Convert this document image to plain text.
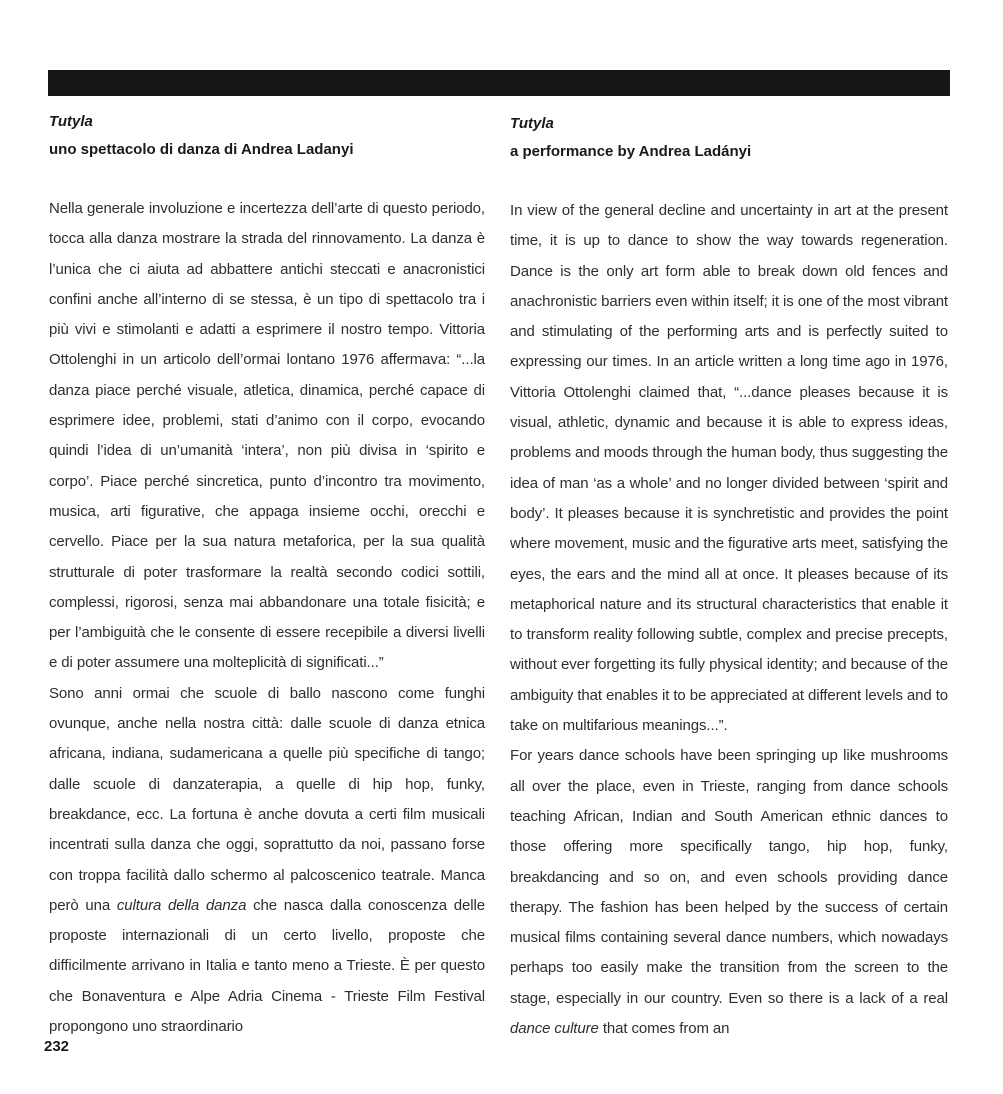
Tutyla
uno spettacolo di danza di Andrea Ladanyi

Nella generale involuzione e incertezza dell’arte di questo periodo, tocca alla danza mostrare la strada del rinnovamento. La danza è l’unica che ci aiuta ad abbattere antichi steccati e anacronistici confini anche all’interno di se stessa, è un tipo di spettacolo tra i più vivi e stimolanti e adatti a esprimere il nostro tempo. Vittoria Ottolenghi in un articolo dell’ormai lontano 1976 affermava: “...la danza piace perché visuale, atletica, dinamica, perché capace di esprimere idee, problemi, stati d’animo con il corpo, evocando quindi l’idea di un’umanità ‘intera’, non più divisa in ‘spirito e corpo’. Piace perché sincretica, punto d’incontro tra movimento, musica, arti figurative, che appaga insieme occhi, orecchi e cervello. Piace per la sua natura metaforica, per la sua qualità strutturale di poter trasformare la realtà secondo codici sottili, complessi, rigorosi, senza mai abbandonare una totale fisicità; e per l’ambiguità che le consente di essere recepibile a diversi livelli e di poter assumere una molteplicità di significati...”

Sono anni ormai che scuole di ballo nascono come funghi ovunque, anche nella nostra città: dalle scuole di danza etnica africana, indiana, sudamericana a quelle più specifiche di tango; dalle scuole di danzaterapia, a quelle di hip hop, funky, breakdance, ecc. La fortuna è anche dovuta a certi film musicali incentrati sulla danza che oggi, soprattutto da noi, passano forse con troppa facilità dallo schermo al palcoscenico teatrale. Manca però una cultura della danza che nasca dalla conoscenza delle proposte internazionali di un certo livello, proposte che difficilmente arrivano in Italia e tanto meno a Trieste. È per questo che Bonaventura e Alpe Adria Cinema - Trieste Film Festival propongono uno straordinario

Tutyla
a performance by Andrea Ladányi

In view of the general decline and uncertainty in art at the present time, it is up to dance to show the way towards regeneration. Dance is the only art form able to break down old fences and anachronistic barriers even within itself; it is one of the most vibrant and stimulating of the performing arts and is perfectly suited to expressing our times. In an article written a long time ago in 1976, Vittoria Ottolenghi claimed that, “...dance pleases because it is visual, athletic, dynamic and because it is able to express ideas, problems and moods through the human body, thus suggesting the idea of man ‘as a whole’ and no longer divided between ‘spirit and body’. It pleases because it is synchretistic and provides the point where movement, music and the figurative arts meet, satisfying the eyes, the ears and the mind all at once. It pleases because of its metaphorical nature and its structural characteristics that enable it to transform reality following subtle, complex and precise precepts, without ever forgetting its fully physical identity; and because of the ambiguity that enables it to be appreciated at different levels and to take on multifarious meanings...”.

For years dance schools have been springing up like mushrooms all over the place, even in Trieste, ranging from dance schools teaching African, Indian and South American ethnic dances to those offering more specifically tango, hip hop, funky, breakdancing and so on, and even schools providing dance therapy. The fashion has been helped by the success of certain musical films containing several dance numbers, which nowadays perhaps too easily make the transition from the screen to the stage, especially in our country. Even so there is a lack of a real dance culture that comes from an

232
